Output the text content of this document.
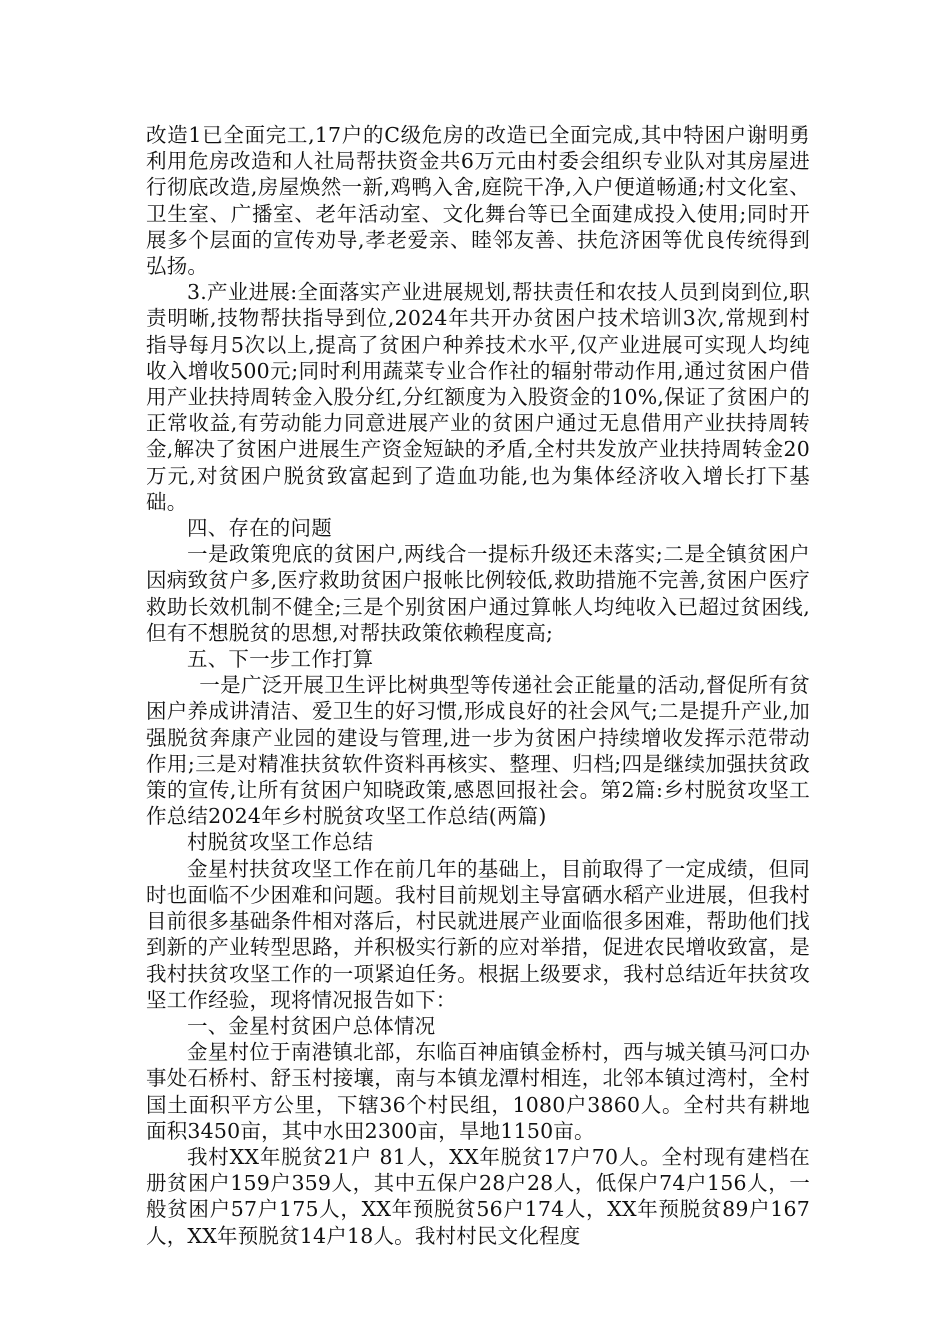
改造1已全面完工,17户的C级危房的改造已全面完成,其中特困户谢明勇利用危房改造和人社局帮扶资金共6万元由村委会组织专业队对其房屋进行彻底改造,房屋焕然一新,鸡鸭入舍,庭院干净,入户便道畅通;村文化室、卫生室、广播室、老年活动室、文化舞台等已全面建成投入使用;同时开展多个层面的宣传劝导,孝老爱亲、睦邻友善、扶危济困等优良传统得到弘扬。

3.产业进展:全面落实产业进展规划,帮扶责任和农技人员到岗到位,职责明晰,技物帮扶指导到位,2024年共开办贫困户技术培训3次,常规到村指导每月5次以上,提高了贫困户种养技术水平,仅产业进展可实现人均纯收入增收500元;同时利用蔬菜专业合作社的辐射带动作用,通过贫困户借用产业扶持周转金入股分红,分红额度为入股资金的10%,保证了贫困户的正常收益,有劳动能力同意进展产业的贫困户通过无息借用产业扶持周转金,解决了贫困户进展生产资金短缺的矛盾,全村共发放产业扶持周转金20万元,对贫困户脱贫致富起到了造血功能,也为集体经济收入增长打下基础。

四、存在的问题

一是政策兜底的贫困户,两线合一提标升级还未落实;二是全镇贫困户因病致贫户多,医疗救助贫困户报帐比例较低,救助措施不完善,贫困户医疗救助长效机制不健全;三是个别贫困户通过算帐人均纯收入已超过贫困线,但有不想脱贫的思想,对帮扶政策依赖程度高;

五、下一步工作打算

一是广泛开展卫生评比树典型等传递社会正能量的活动,督促所有贫困户养成讲清洁、爱卫生的好习惯,形成良好的社会风气;二是提升产业,加强脱贫奔康产业园的建设与管理,进一步为贫困户持续增收发挥示范带动作用;三是对精准扶贫软件资料再核实、整理、归档;四是继续加强扶贫政策的宣传,让所有贫困户知晓政策,感恩回报社会。第2篇:乡村脱贫攻坚工作总结2024年乡村脱贫攻坚工作总结(两篇)

村脱贫攻坚工作总结

金星村扶贫攻坚工作在前几年的基础上，目前取得了一定成绩，但同时也面临不少困难和问题。我村目前规划主导富硒水稻产业进展，但我村目前很多基础条件相对落后，村民就进展产业面临很多困难，帮助他们找到新的产业转型思路，并积极实行新的应对举措，促进农民增收致富，是我村扶贫攻坚工作的一项紧迫任务。根据上级要求，我村总结近年扶贫攻坚工作经验，现将情况报告如下：

一、金星村贫困户总体情况

金星村位于南港镇北部，东临百神庙镇金桥村，西与城关镇马河口办事处石桥村、舒玉村接壤，南与本镇龙潭村相连，北邻本镇过湾村，全村国土面积平方公里，下辖36个村民组，1080户3860人。全村共有耕地面积3450亩，其中水田2300亩，旱地1150亩。

我村XX年脱贫21户 81人，XX年脱贫17户70人。全村现有建档在册贫困户159户359人，其中五保户28户28人，低保户74户156人，一般贫困户57户175人，XX年预脱贫56户174人，XX年预脱贫89户167人，XX年预脱贫14户18人。我村村民文化程度
